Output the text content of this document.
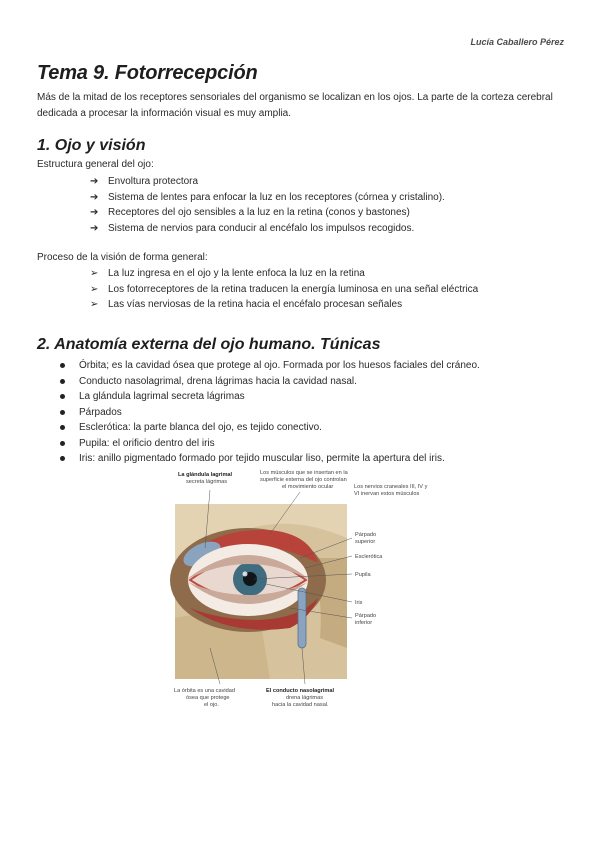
Lucía Caballero Pérez
Tema 9. Fotorrecepción

Más de la mitad de los receptores sensoriales del organismo se localizan en los ojos. La parte de la corteza cerebral dedicada a procesar la información visual es muy amplia.

1. Ojo y visión

Estructura general del ojo:

➔ Envoltura protectora
➔ Sistema de lentes para enfocar la luz en los receptores (córnea y cristalino).
➔ Receptores del ojo sensibles a la luz en la retina (conos y bastones)
➔ Sistema de nervios para conducir al encéfalo los impulsos recogidos.

Proceso de la visión de forma general:

➢ La luz ingresa en el ojo y la lente enfoca la luz en la retina
➢ Los fotorreceptores de la retina traducen la energía luminosa en una señal eléctrica
➢ Las vías nerviosas de la retina hacia el encéfalo procesan señales
2. Anatomía externa del ojo humano. Túnicas
Órbita; es la cavidad ósea que protege al ojo. Formada por los huesos faciales del cráneo.
Conducto nasolagrimal, drena lágrimas hacia la cavidad nasal.
La glándula lagrimal secreta lágrimas
Párpados
Esclerótica: la parte blanca del ojo, es tejido conectivo.
Pupila: el orificio dentro del iris
Iris: anillo pigmentado formado por tejido muscular liso, permite la apertura del iris.
La glándula lagrimal
secreta lágrimas
Los músculos que se insertan en la
superficie externa del ojo controlan
el movimiento ocular	Los nervios craneales III, IV y
VI inervan estos músculos
Párpado
superior
Esclerótica
Pupila
Iris
Párpado
inferior
La órbita es una cavidad
ósea que protege
el ojo.
El conducto nasolagrimal
drena lágrimas
hacia la cavidad nasal.
